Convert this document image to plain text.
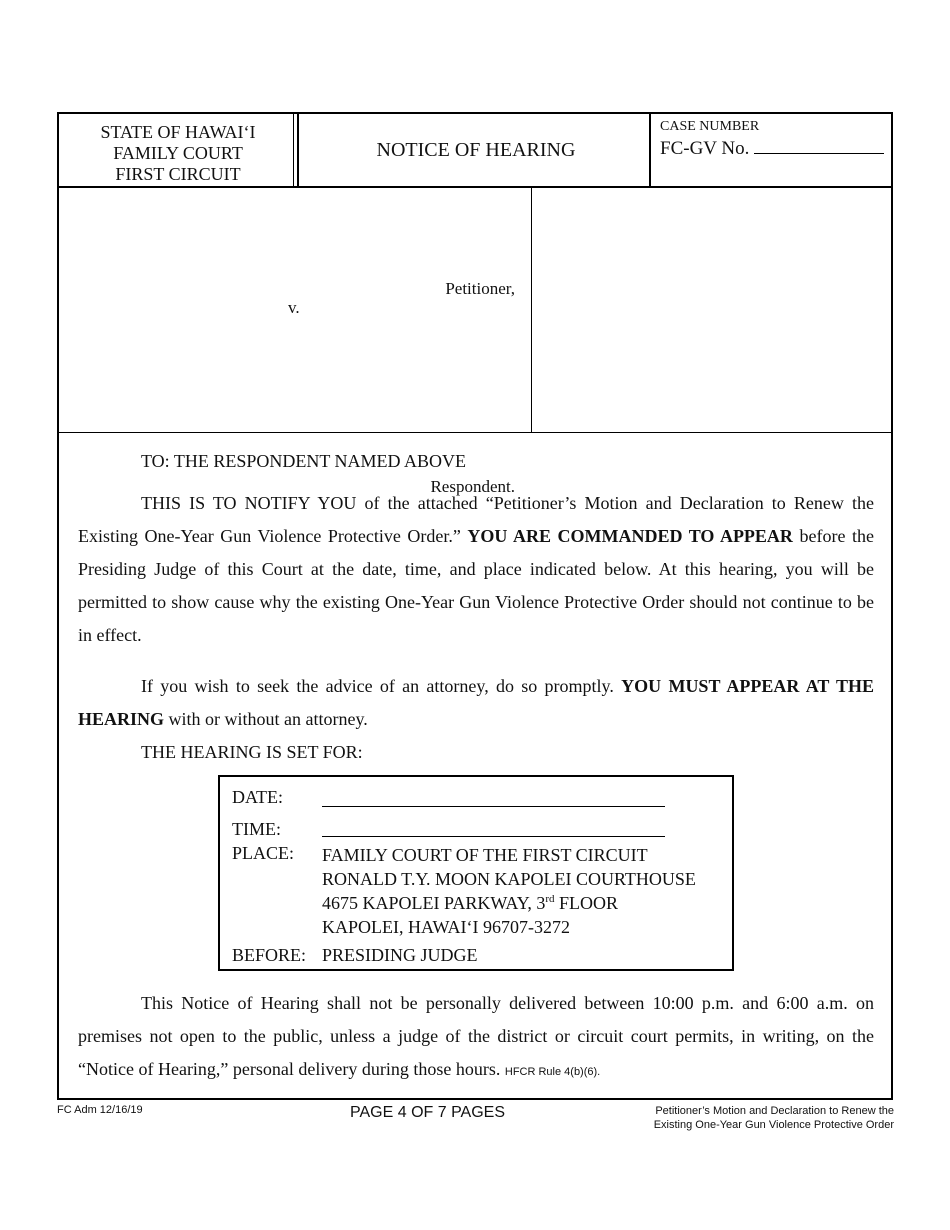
STATE OF HAWAI‘I
FAMILY COURT
FIRST CIRCUIT
NOTICE OF HEARING
CASE NUMBER
FC-GV No.
Petitioner,
v.
Respondent.
TO: THE RESPONDENT NAMED ABOVE

THIS IS TO NOTIFY YOU of the attached “Petitioner’s Motion and Declaration to Renew the Existing One-Year Gun Violence Protective Order.” YOU ARE COMMANDED TO APPEAR before the Presiding Judge of this Court at the date, time, and place indicated below. At this hearing, you will be permitted to show cause why the existing One-Year Gun Violence Protective Order should not continue to be in effect.

If you wish to seek the advice of an attorney, do so promptly. YOU MUST APPEAR AT THE HEARING with or without an attorney.

THE HEARING IS SET FOR:
DATE:
TIME:
PLACE: FAMILY COURT OF THE FIRST CIRCUIT
RONALD T.Y. MOON KAPOLEI COURTHOUSE
4675 KAPOLEI PARKWAY, 3rd FLOOR
KAPOLEI, HAWAI‘I 96707-3272
BEFORE: PRESIDING JUDGE

This Notice of Hearing shall not be personally delivered between 10:00 p.m. and 6:00 a.m. on premises not open to the public, unless a judge of the district or circuit court permits, in writing, on the “Notice of Hearing,” personal delivery during those hours. HFCR Rule 4(b)(6).

FC Adm 12/16/19	PAGE 4 OF 7 PAGES	Petitioner’s Motion and Declaration to Renew the
Existing One-Year Gun Violence Protective Order
